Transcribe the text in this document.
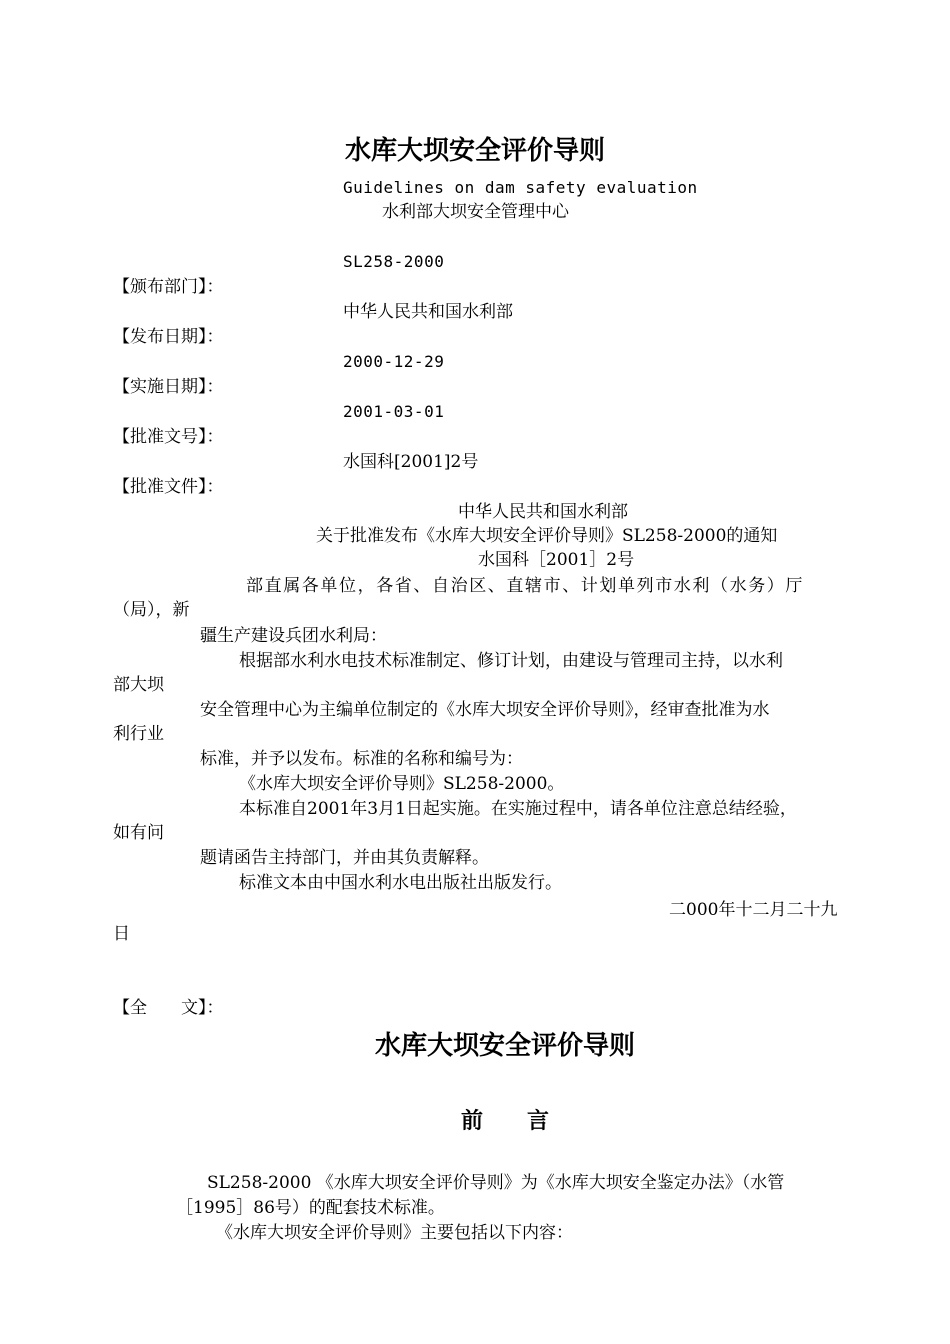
水库大坝安全评价导则
Guidelines on dam safety evaluation
水利部大坝安全管理中心
SL258-2000
【颁布部门】：
中华人民共和国水利部
【发布日期】：
2000-12-29
【实施日期】：
2001-03-01
【批准文号】：
水国科[2001]2号
【批准文件】：
中华人民共和国水利部
关于批准发布《水库大坝安全评价导则》SL258-2000的通知
水国科［2001］2号
部直属各单位，各省、自治区、直辖市、计划单列市水利（水务）厅
（局），新
疆生产建设兵团水利局：
根据部水利水电技术标准制定、修订计划，由建设与管理司主持，以水利
部大坝
安全管理中心为主编单位制定的《水库大坝安全评价导则》，经审查批准为水
利行业
标准，并予以发布。标准的名称和编号为：
《水库大坝安全评价导则》SL258-2000。
本标准自2001年3月1日起实施。在实施过程中，请各单位注意总结经验，
如有问
题请函告主持部门，并由其负责解释。
标准文本由中国水利水电出版社出版发行。
二000年十二月二十九
日
【全　　文】：
水库大坝安全评价导则
前　　言
SL258-2000 《水库大坝安全评价导则》为《水库大坝安全鉴定办法》（水管
［1995］86号）的配套技术标准。
《水库大坝安全评价导则》主要包括以下内容：
